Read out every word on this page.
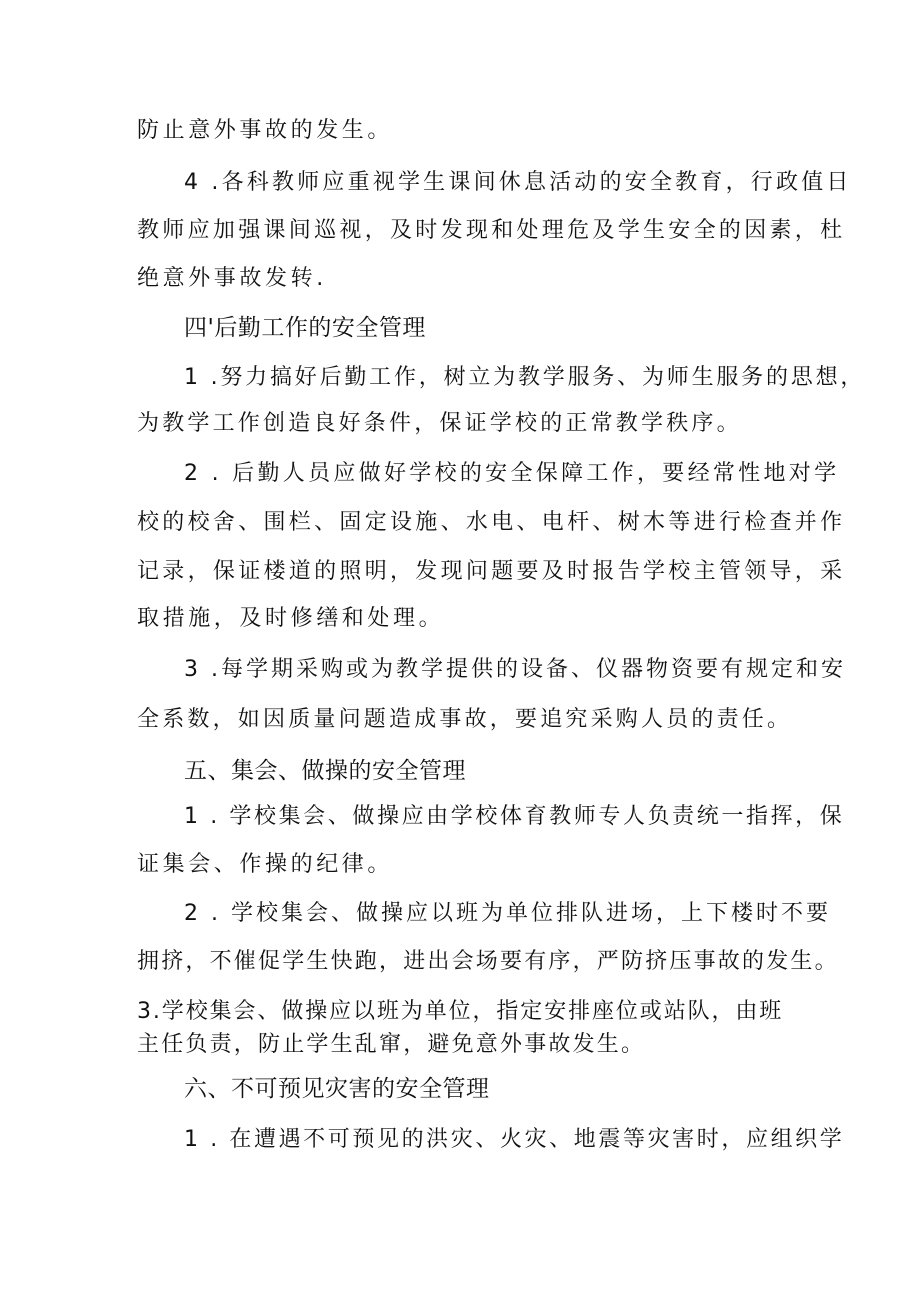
防止意外事故的发生。
4 .各科教师应重视学生课间休息活动的安全教育，行政值日
教师应加强课间巡视，及时发现和处理危及学生安全的因素，杜
绝意外事故发转.
四'后勤工作的安全管理
1 .努力搞好后勤工作，树立为教学服务、为师生服务的思想，
为教学工作创造良好条件，保证学校的正常教学秩序。
2 . 后勤人员应做好学校的安全保障工作，要经常性地对学
校的校舍、围栏、固定设施、水电、电杆、树木等进行检查并作
记录，保证楼道的照明，发现问题要及时报告学校主管领导，采
取措施，及时修缮和处理。
3 .每学期采购或为教学提供的设备、仪器物资要有规定和安
全系数，如因质量问题造成事故，要追究采购人员的责任。
五、集会、做操的安全管理
1 . 学校集会、做操应由学校体育教师专人负责统一指挥，保
证集会、作操的纪律。
2 . 学校集会、做操应以班为单位排队进场，上下楼时不要
拥挤，不催促学生快跑，进出会场要有序，严防挤压事故的发生。
3.学校集会、做操应以班为单位，指定安排座位或站队，由班
主任负责，防止学生乱窜，避免意外事故发生。
六、不可预见灾害的安全管理
1 . 在遭遇不可预见的洪灾、火灾、地震等灾害时，应组织学
